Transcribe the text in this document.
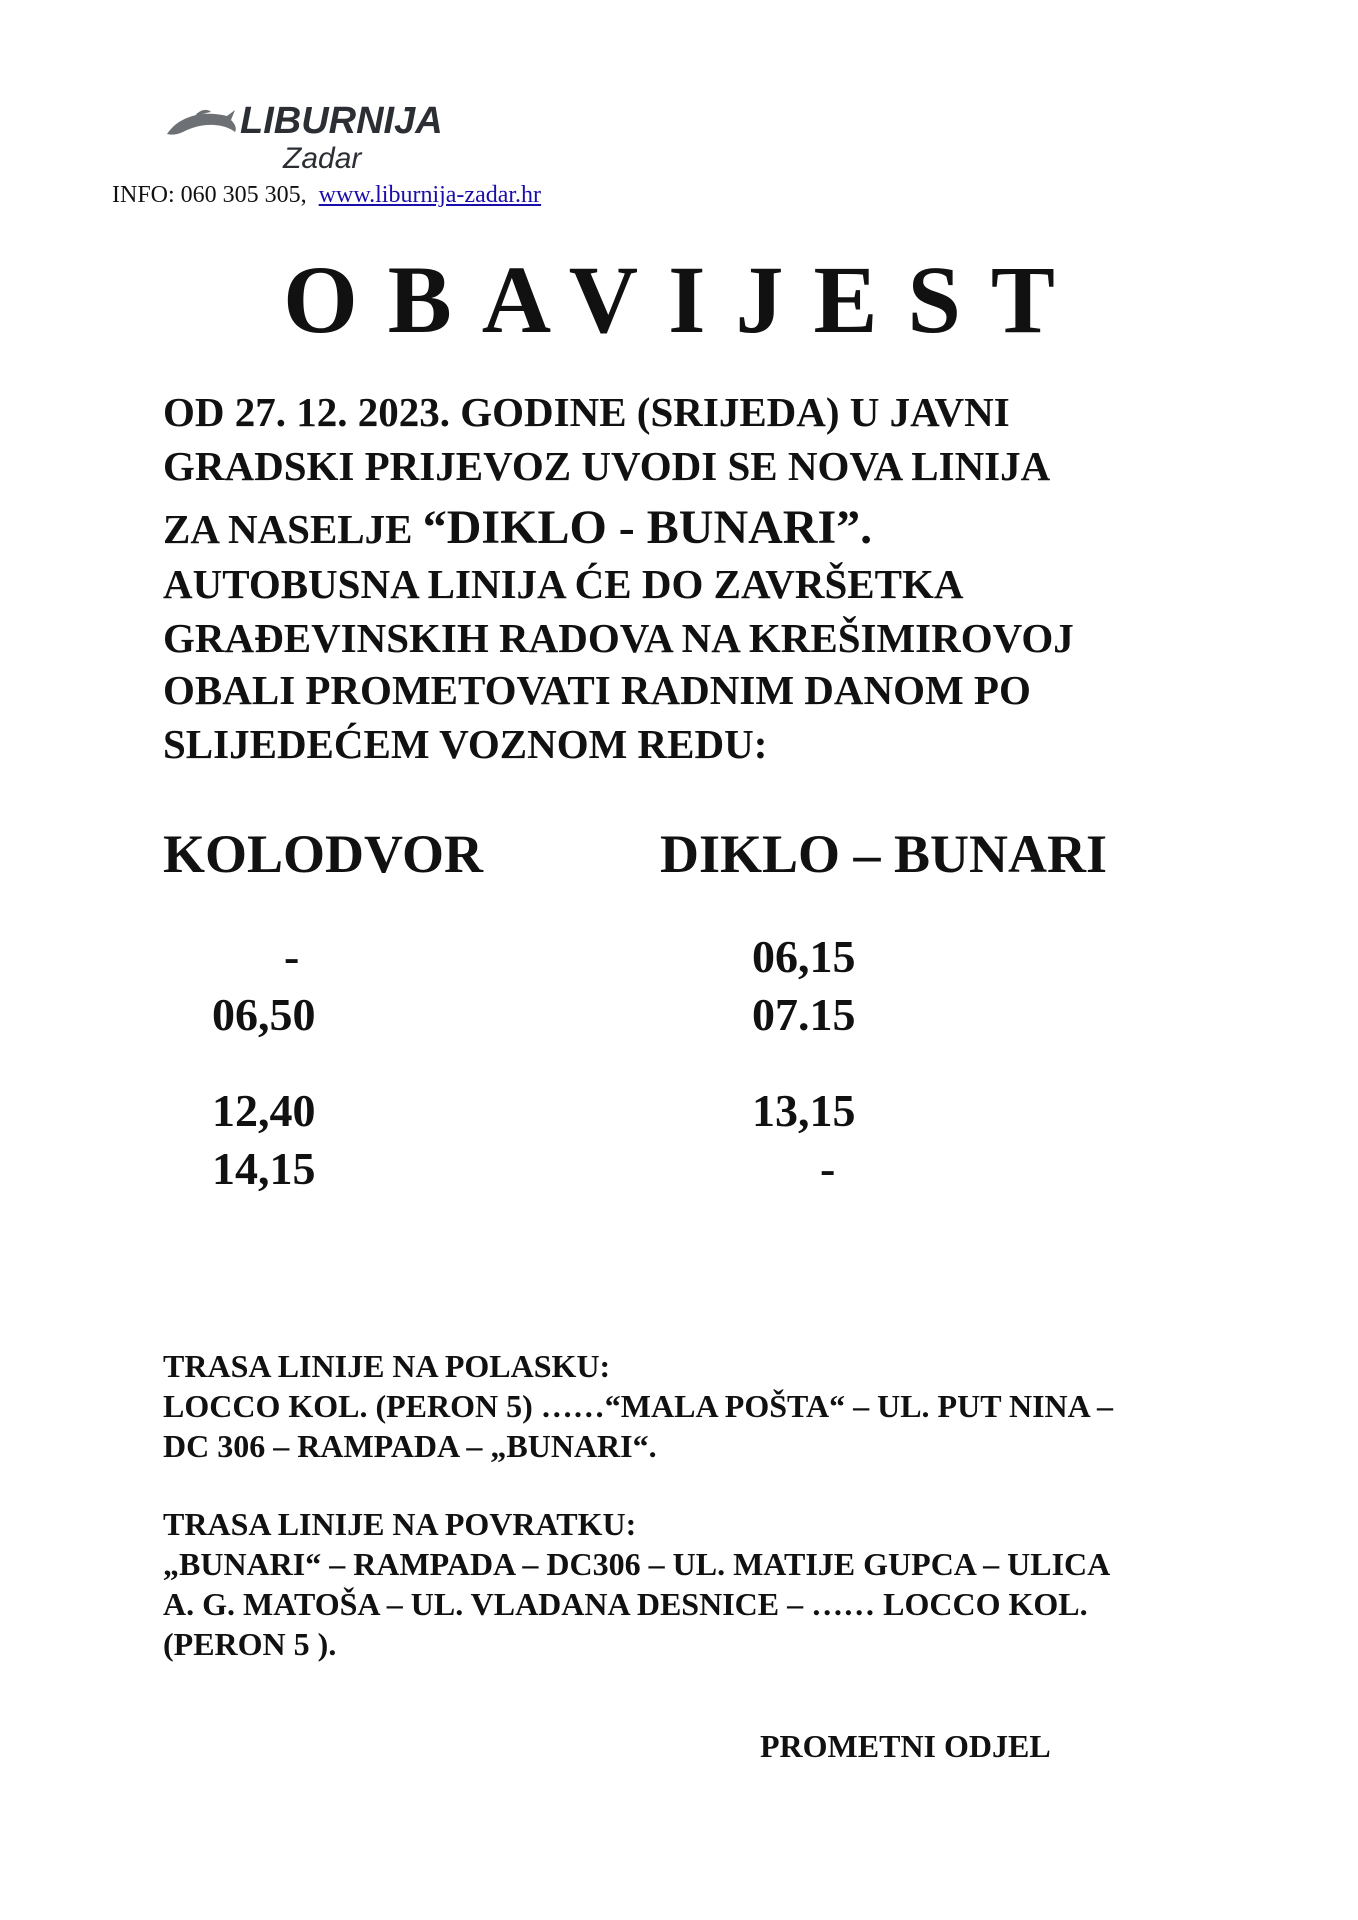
LIBURNIJA
Zadar
INFO: 060 305 305, www.liburnija-zadar.hr
OBAVIJEST
OD 27. 12. 2023. GODINE (SRIJEDA) U JAVNI
GRADSKI PRIJEVOZ UVODI SE NOVA LINIJA
ZA NASELJE “DIKLO - BUNARI”.
AUTOBUSNA LINIJA ĆE DO ZAVRŠETKA
GRAĐEVINSKIH RADOVA NA KREŠIMIROVOJ
OBALI PROMETOVATI RADNIM DANOM PO
SLIJEDEĆEM VOZNOM REDU:
KOLODVOR	DIKLO – BUNARI
-	06,15
06,50	07.15
12,40	13,15
14,15	-
TRASA LINIJE NA POLASKU:
LOCCO KOL. (PERON 5) ……“MALA POŠTA“ – UL. PUT NINA –
DC 306 – RAMPADA – „BUNARI“.
TRASA LINIJE NA POVRATKU:
„BUNARI“ – RAMPADA – DC306 – UL. MATIJE GUPCA – ULICA
A. G. MATOŠA – UL. VLADANA DESNICE – …… LOCCO KOL.
(PERON 5 ).
PROMETNI ODJEL
